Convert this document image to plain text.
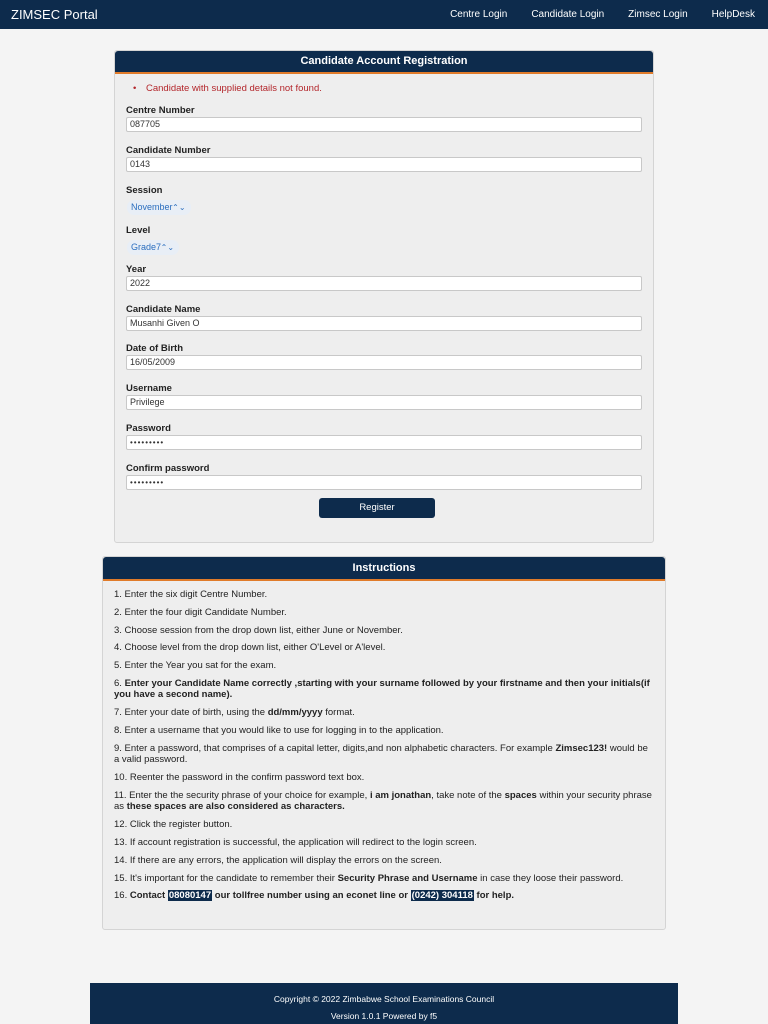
ZIMSEC Portal	Centre Login Candidate Login Zimsec Login HelpDesk
Candidate Account Registration
• Candidate with supplied details not found.
Centre Number
087705
Candidate Number
0143
Session
November ⌃⌄
Level
Grade7 ⌃⌄
Year
2022
Candidate Name
Musanhi Given O
Date of Birth
16/05/2009
Username
Privilege
Password
•••••••••
Confirm password
•••••••••
Register
Instructions

1. Enter the six digit Centre Number.

2. Enter the four digit Candidate Number.

3. Choose session from the drop down list, either June or November.

4. Choose level from the drop down list, either O'Level or A'level.

5. Enter the Year you sat for the exam.

6. Enter your Candidate Name correctly ,starting with your surname followed by your firstname and then your initials(if you have a second name).

7. Enter your date of birth, using the dd/mm/yyyy format.

8. Enter a username that you would like to use for logging in to the application.

9. Enter a password, that comprises of a capital letter, digits,and non alphabetic characters. For example Zimsec123! would be a valid password.

10. Reenter the password in the confirm password text box.

11. Enter the the security phrase of your choice for example, i am jonathan, take note of the spaces within your security phrase as these spaces are also considered as characters.

12. Click the register button.

13. If account registration is successful, the application will redirect to the login screen.

14. If there are any errors, the application will display the errors on the screen.

15. It's important for the candidate to remember their Security Phrase and Username in case they loose their password.

16. Contact 08080147 our tollfree number using an econet line or (0242) 304118 for help.

Copyright © 2022 Zimbabwe School Examinations Council
Version 1.0.1 Powered by f5
